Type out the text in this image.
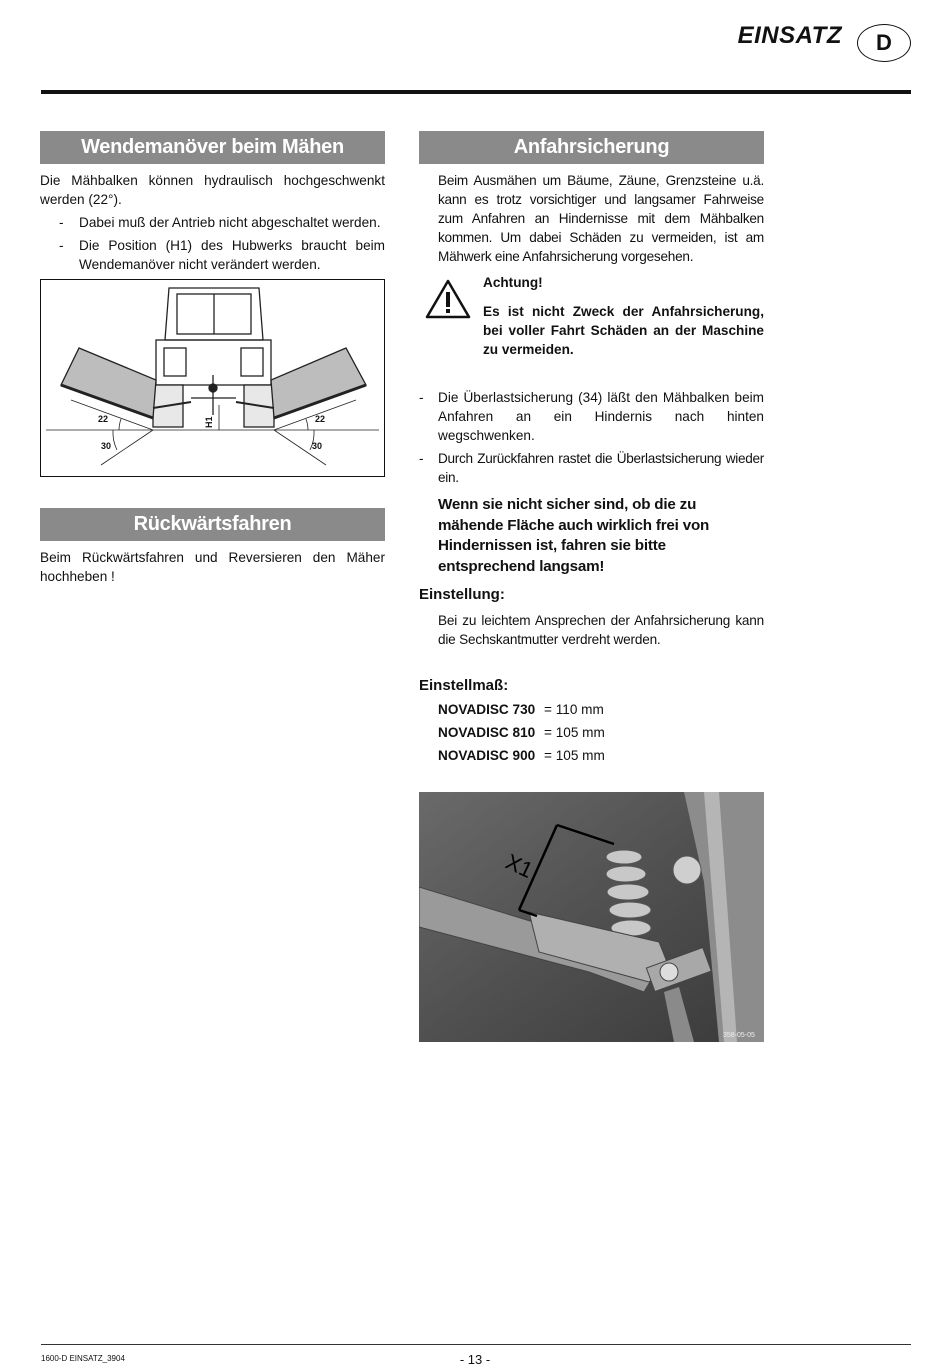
EINSATZ	D
Wendemanöver beim Mähen

Die Mähbalken können hydraulisch hochgeschwenkt werden (22°).

- Dabei muß der Antrieb nicht abgeschaltet werden.
- Die Position (H1) des Hubwerks braucht beim Wendemanöver nicht verändert werden.
22	22
30	30
H1
Rückwärtsfahren

Beim Rückwärtsfahren und Reversieren den Mäher hochheben !

Anfahrsicherung

Beim Ausmähen um Bäume, Zäune, Grenzsteine u.ä. kann es trotz vorsichtiger und langsamer Fahrweise zum Anfahren an Hindernisse mit dem Mähbalken kommen. Um dabei Schäden zu vermeiden, ist am Mähwerk eine Anfahrsicherung vorgesehen.

Achtung!

Es ist nicht Zweck der Anfahrsicherung, bei voller Fahrt Schäden an der Maschine zu vermeiden.

- Die Überlastsicherung (34) läßt den Mähbalken beim Anfahren an ein Hindernis nach hinten wegschwenken.
- Durch Zurückfahren rastet die Überlastsicherung wieder ein.

Wenn sie nicht sicher sind, ob die zu mähende Fläche auch wirklich frei von Hindernissen ist, fahren sie bitte entsprechend langsam!

Einstellung:

Bei zu leichtem Ansprechen der Anfahrsicherung kann die Sechskantmutter verdreht werden.

Einstellmaß:
NOVADISC 730 = 110 mm
NOVADISC 810 = 105 mm
NOVADISC 900 = 105 mm
X1
358-05-05
1600-D EINSATZ_3904	- 13 -
